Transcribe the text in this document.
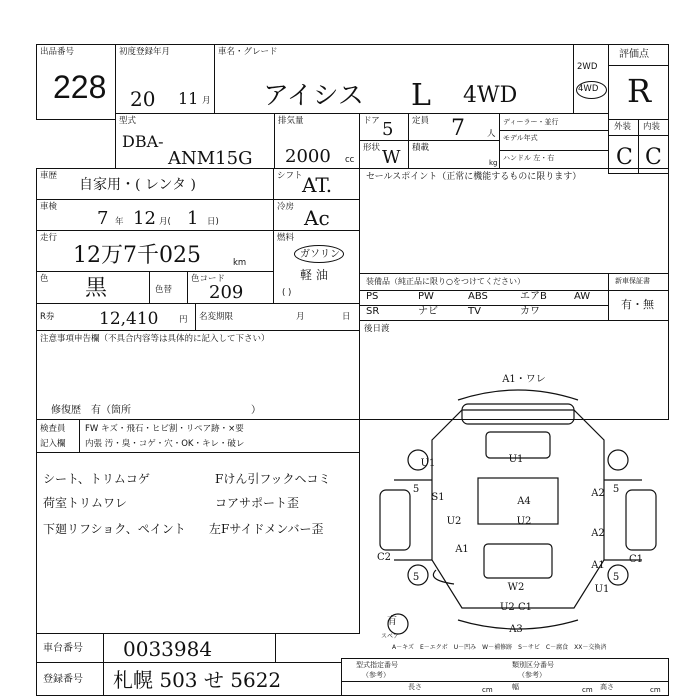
出品番号
228
初度登録年月
20 11 月
車名・グレード
アイシス L 4WD
2WD
4WD
評価点
R
外装 内装
C C
型式
DBA-
ANM15G
排気量
2000 cc
ドア 5 定員 7	人
形状 W 積載
kg
ディーラー・並行
モデル年式
ハンドル 左・右
車歴
自家用・( レンタ )
シフト AT.
車検
7 年 12 月( 1 日)
冷房 Ac
走行
12万7千025	km
燃料
ガソリン
軽 油
( )
色 黒	色替
色コード
209
セールスポイント（正常に機能するものに限ります）
装備品（純正品に限り○をつけてください）
PS	PW	ABS	エアB	AW
SR	ナビ	TV	カワ
新車保証書
有・無
R券	12,410 円 名変期限	月	日
後日渡
注意事項申告欄（不具合内容等は具体的に記入して下さい）
修復歴　有（箇所　　　　　　　　　　　　）
検査員
記入欄
FW キズ・飛石・ヒビ割・リペア跡・×要
内張 汚・臭・コゲ・穴・OK・キレ・破レ
シート、トリムコゲ
荷室トリムワレ
下廻リフショク、ペイント
Fけん引フックヘコミ
コアサポート歪
左Fサイドメンバー歪
A1・ワレ
U1	U1
5	5
5	5
S1	A2
U2
A2
A1
A4
U2
A1
C2	C1
U1
W2
U2 C1
A3
有
スペア
車台番号 0033984
登録番号 札幌 503 せ 5622
A－キズ　E－エクボ　U－凹み　W－補修跡　S－サビ　C－腐食　XX－交換済
型式指定番号
（参考）
長さ	cm
類別区分番号
（参考）
幅	cm 高さ	cm
